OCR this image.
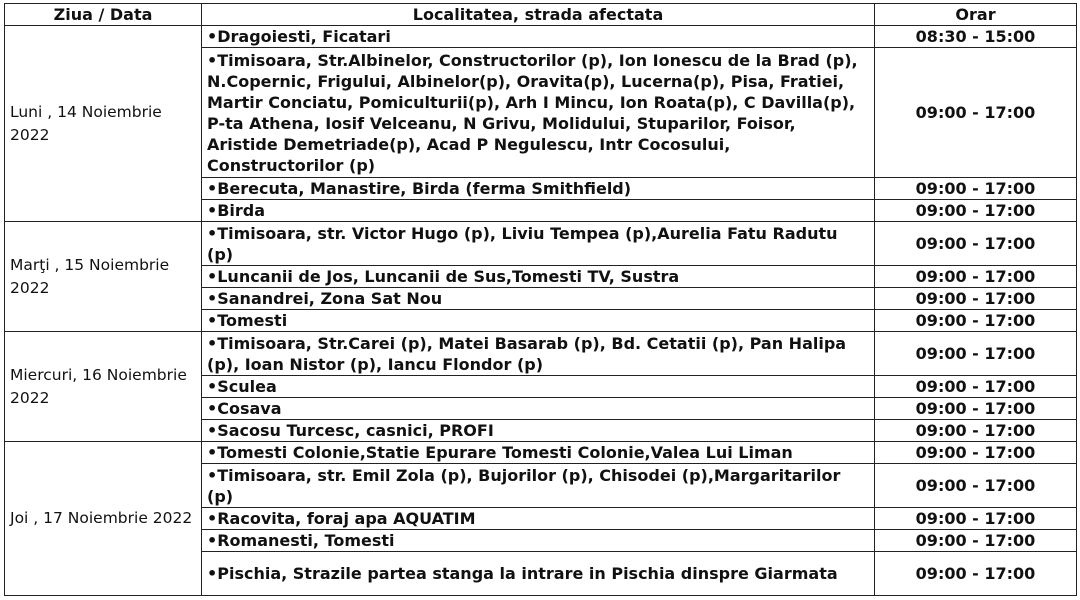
Ziua / Data	Localitatea, strada afectata	Orar
Luni , 14 Noiembrie 2022	•Dragoiesti, Ficatari	08:30 - 15:00
	•Timisoara, Str.Albinelor, Constructorilor (p), Ion Ionescu de la Brad (p), N.Copernic, Frigului, Albinelor(p), Oravita(p), Lucerna(p), Pisa, Fratiei, Martir Conciatu, Pomiculturii(p), Arh I Mincu, Ion Roata(p), C Davilla(p), P-ta Athena, Iosif Velceanu, N Grivu, Molidului, Stuparilor, Foisor, Aristide Demetriade(p), Acad P Negulescu, Intr Cocosului, Constructorilor (p)	09:00 - 17:00
	•Berecuta, Manastire, Birda (ferma Smithfield)	09:00 - 17:00
	•Birda	09:00 - 17:00
Marţi , 15 Noiembrie 2022	•Timisoara, str. Victor Hugo (p), Liviu Tempea (p),Aurelia Fatu Radutu (p)	09:00 - 17:00
	•Luncanii de Jos, Luncanii de Sus,Tomesti TV, Sustra	09:00 - 17:00
	•Sanandrei, Zona Sat Nou	09:00 - 17:00
	•Tomesti	09:00 - 17:00
Miercuri, 16 Noiembrie 2022	•Timisoara, Str.Carei (p), Matei Basarab (p), Bd. Cetatii (p), Pan Halipa (p), Ioan Nistor (p), Iancu Flondor (p)	09:00 - 17:00
	•Sculea	09:00 - 17:00
	•Cosava	09:00 - 17:00
	•Sacosu Turcesc, casnici, PROFI	09:00 - 17:00
Joi , 17 Noiembrie 2022	•Tomesti Colonie,Statie Epurare Tomesti Colonie,Valea Lui Liman	09:00 - 17:00
	•Timisoara, str. Emil Zola (p), Bujorilor (p), Chisodei (p),Margaritarilor (p)	09:00 - 17:00
	•Racovita, foraj apa AQUATIM	09:00 - 17:00
	•Romanesti, Tomesti	09:00 - 17:00
	•Pischia, Strazile partea stanga la intrare in Pischia dinspre Giarmata	09:00 - 17:00
